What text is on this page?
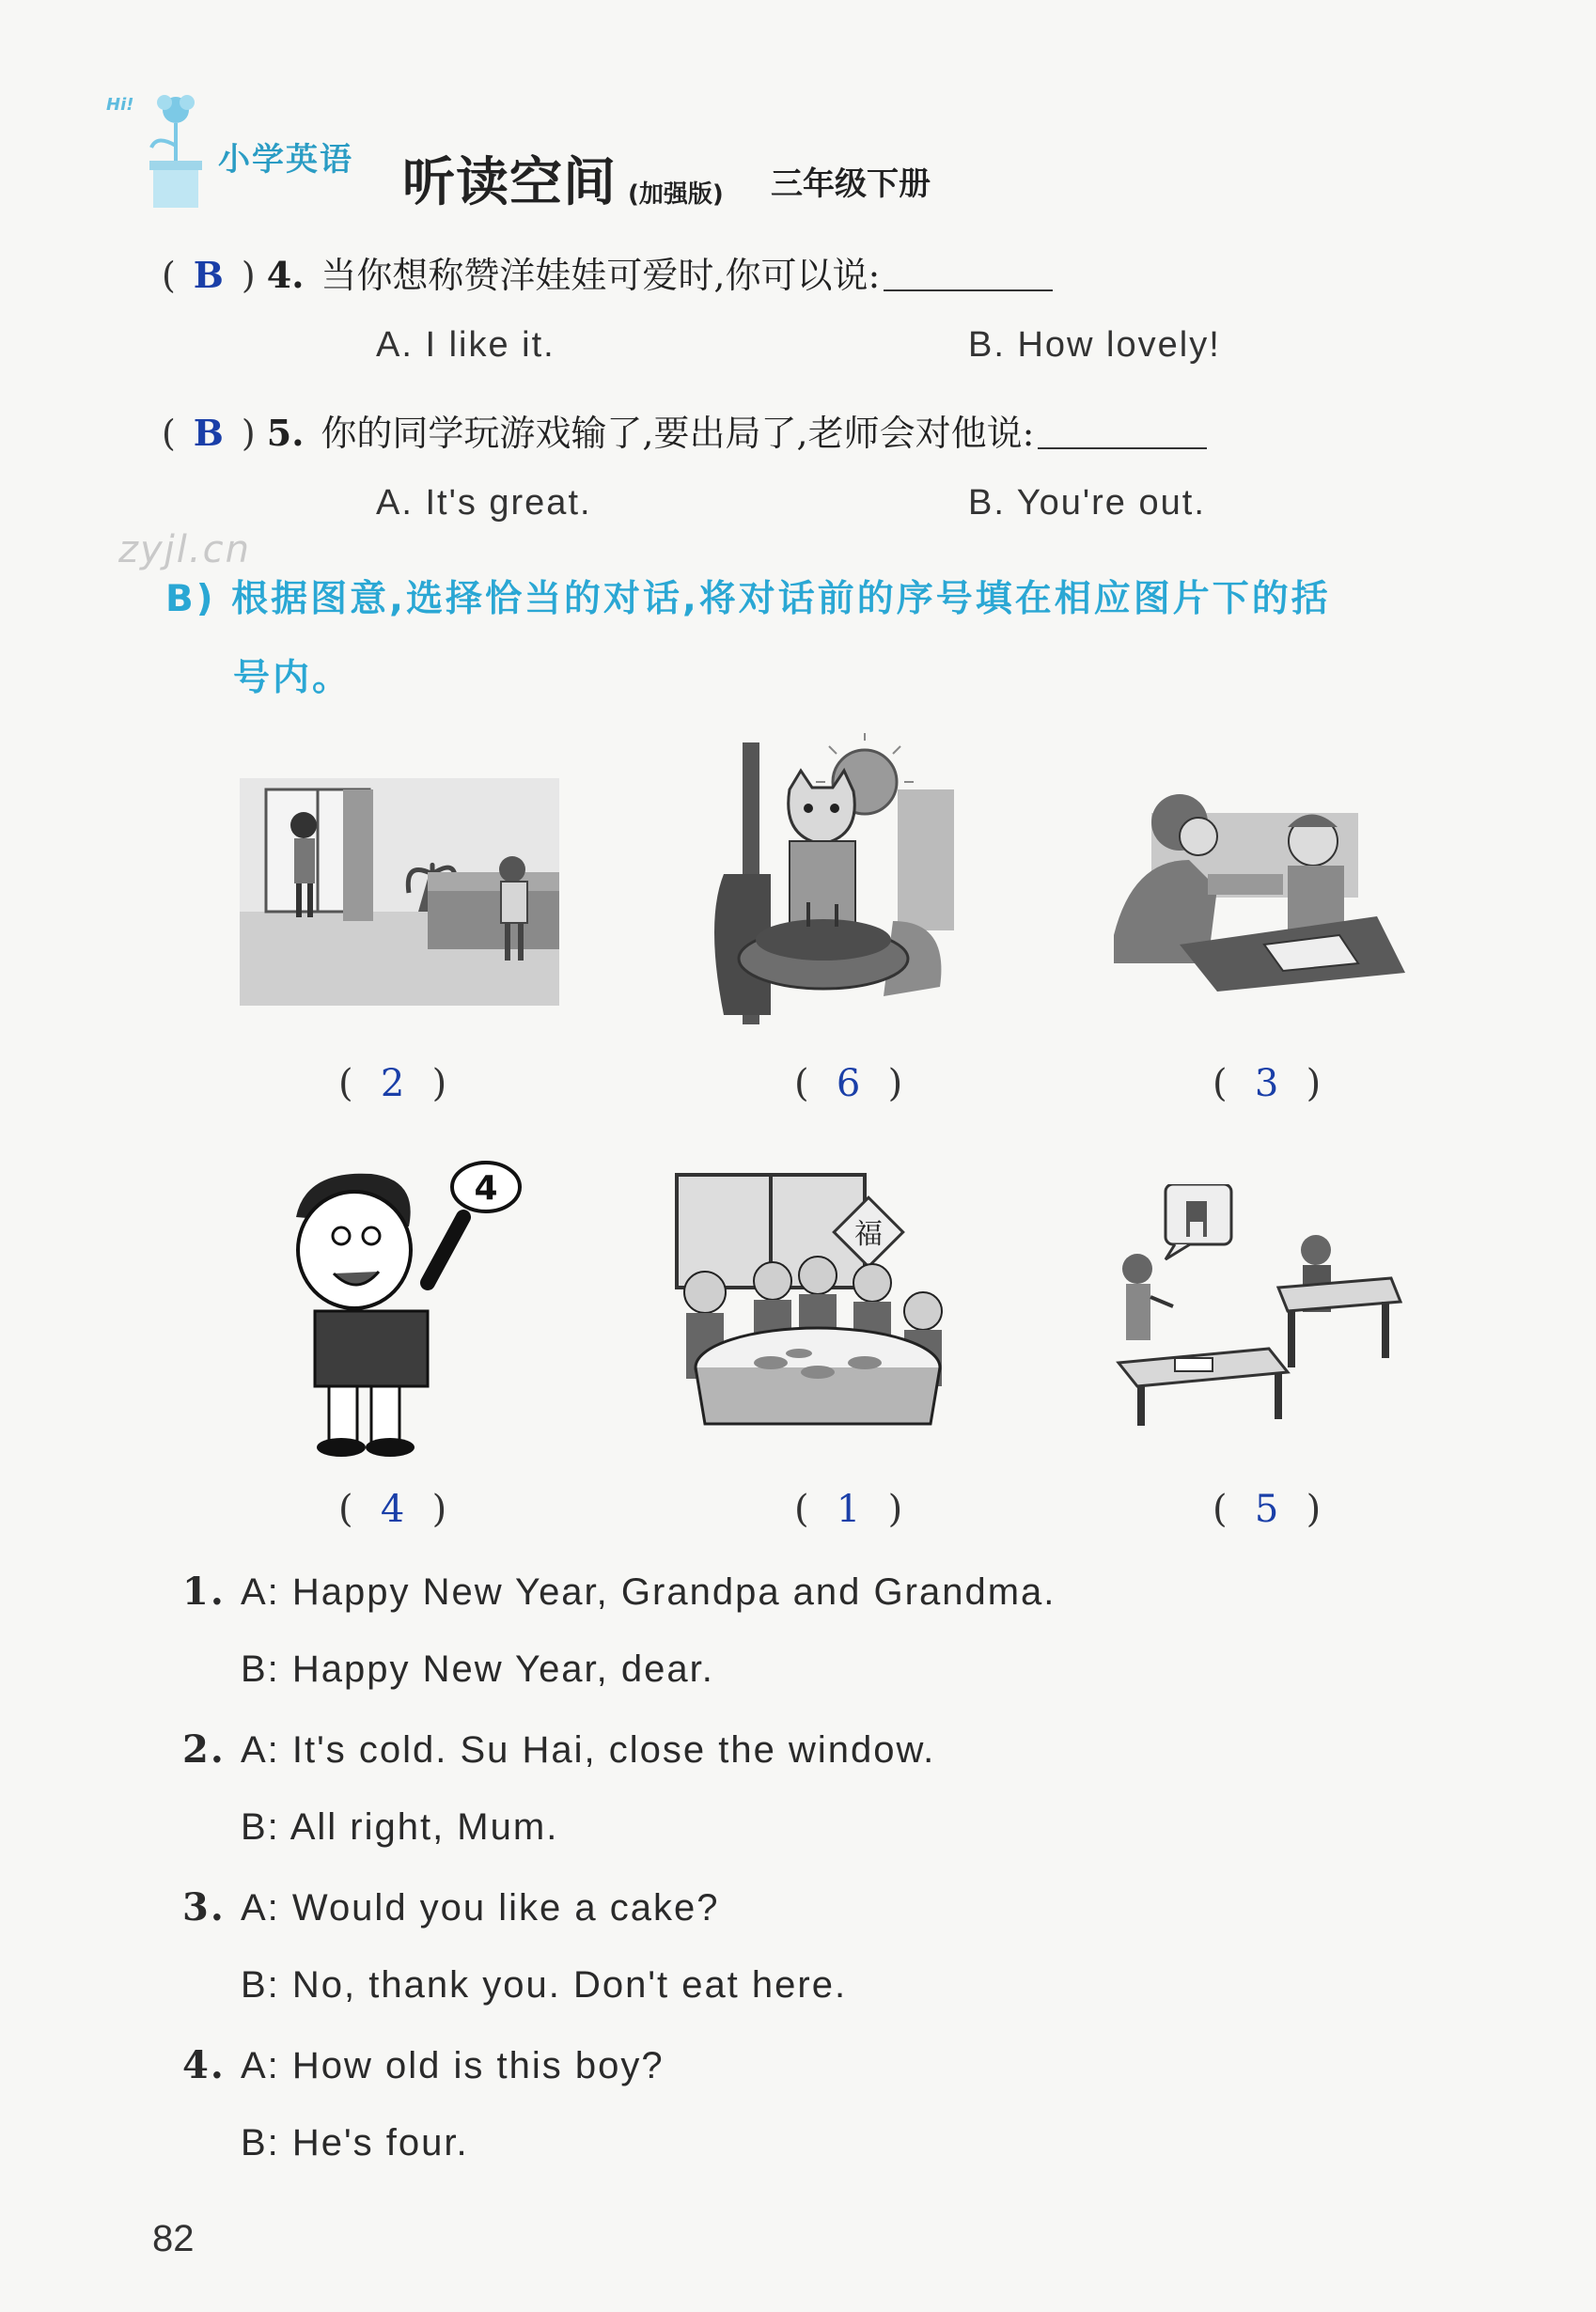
Hi!
小学英语 听读空间 (加强版) 三年级下册
( B ) 4. 当你想称赞洋娃娃可爱时,你可以说:
A. I like it.	B. How lovely!
( B ) 5. 你的同学玩游戏输了,要出局了,老师会对他说:
A. It's great.	B. You're out.
zyjl.cn
B) 根据图意,选择恰当的对话,将对话前的序号填在相应图片下的括
号内。
( 2 )	( 6 )	( 3 )
4
( 4 )
福
( 1 )	( 5 )
1. A: Happy New Year, Grandpa and Grandma.
B: Happy New Year, dear.
2. A: It's cold. Su Hai, close the window.
B: All right, Mum.
3. A: Would you like a cake?
B: No, thank you. Don't eat here.
4. A: How old is this boy?
B: He's four.
82
